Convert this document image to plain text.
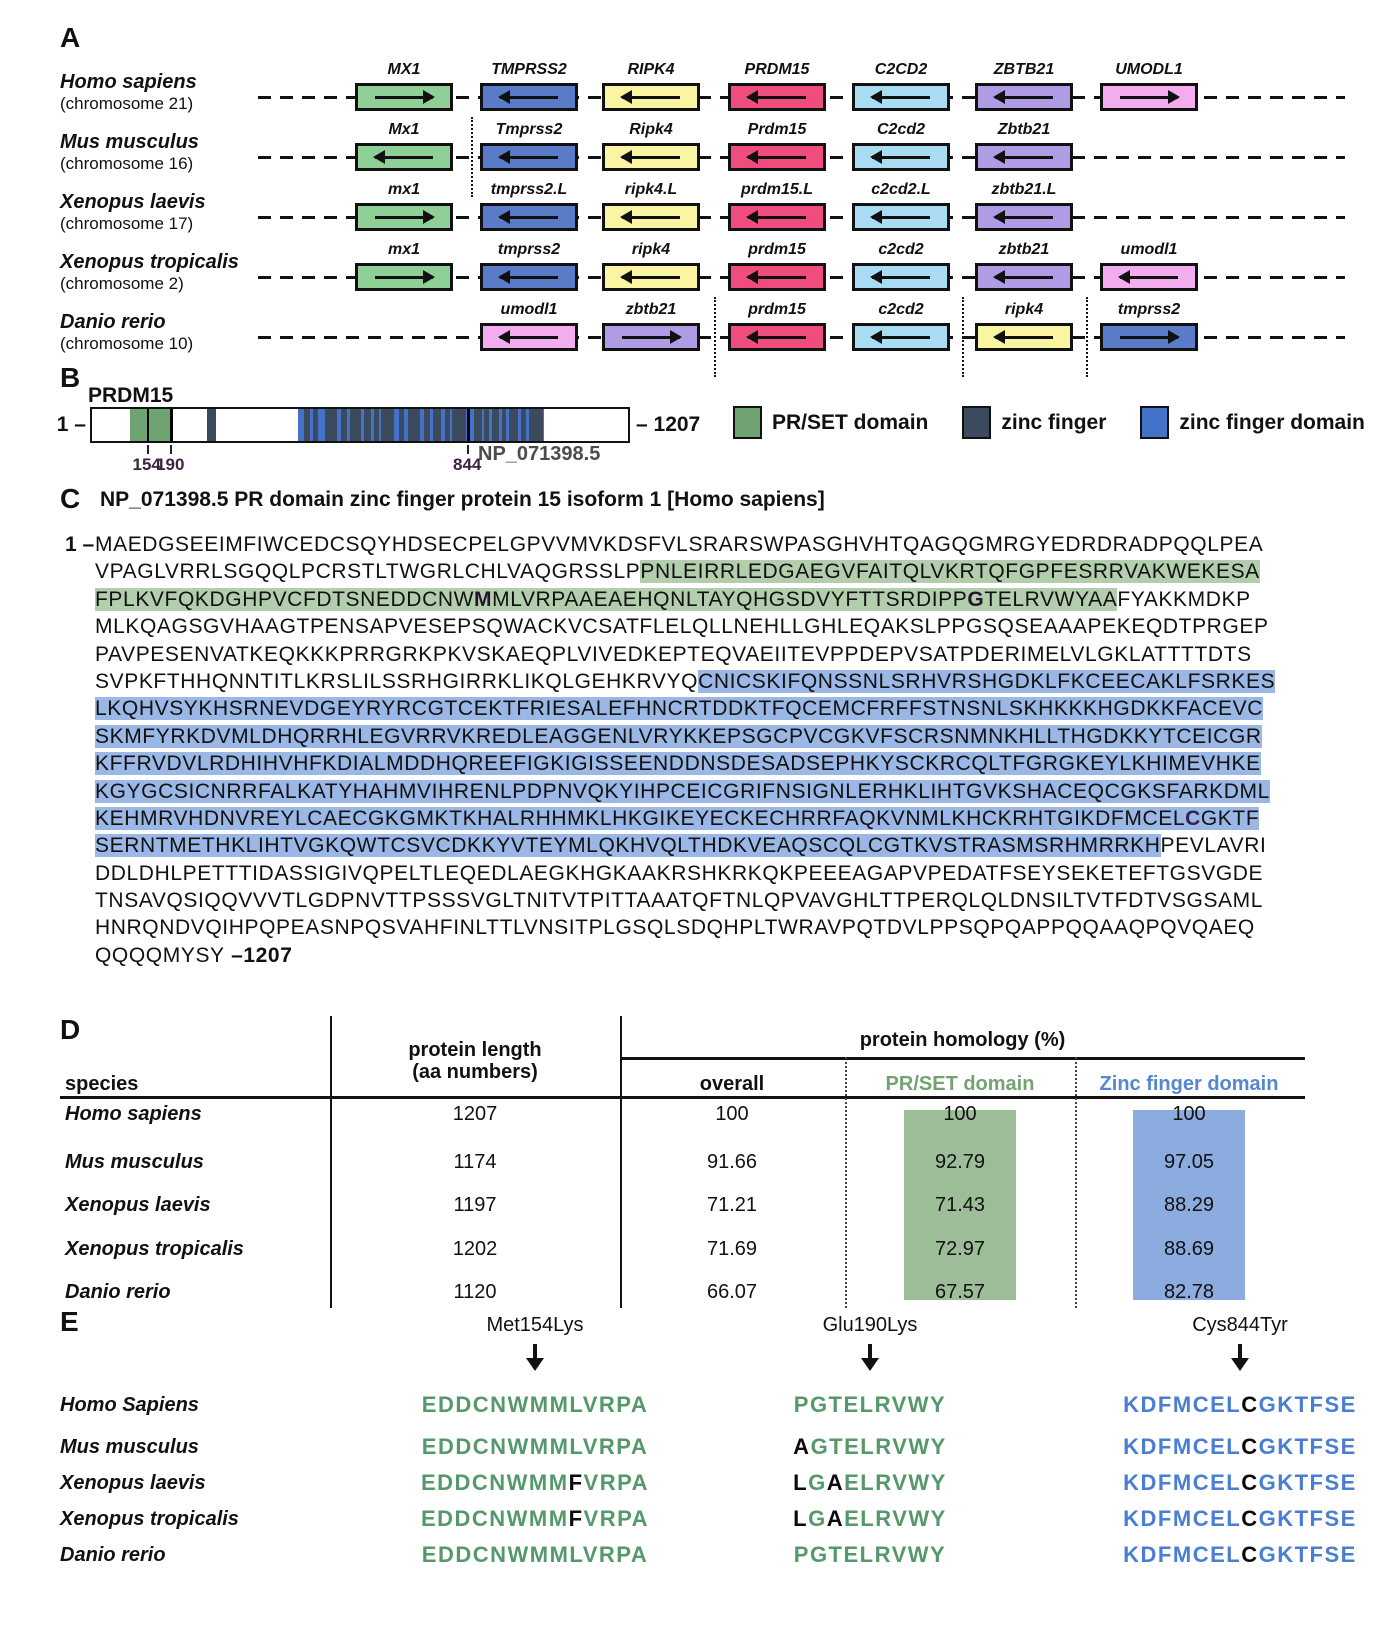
A
B
C
D
E
Homo sapiens
(chromosome 21)
MX1	TMPRSS2	RIPK4	PRDM15	C2CD2	ZBTB21	UMODL1
Mus musculus
(chromosome 16)
Mx1	Tmprss2	Ripk4	Prdm15	C2cd2	Zbtb21
Xenopus laevis
(chromosome 17)
mx1	tmprss2.L	ripk4.L	prdm15.L	c2cd2.L	zbtb21.L
Xenopus tropicalis
(chromosome 2)
mx1	tmprss2	ripk4	prdm15	c2cd2	zbtb21	umodl1
Danio rerio
(chromosome 10)
umodl1	zbtb21	prdm15	c2cd2	ripk4	tmprss2
PRDM15
1 –
154
190	844
– 1207
NP_071398.5
PR/SET domain	zinc finger	zinc finger domain
NP_071398.5 PR domain zinc finger protein 15 isoform 1 [Homo sapiens]
1 – MAEDGSEEIMFIWCEDCSQYHDSECPELGPVVMVKDSFVLSRARSWPASGHVHTQAGQGMRGYEDRDRADPQQLPEA
VPAGLVRRLSGQQLPCRSTLTWGRLCHLVAQGRSSLPPNLEIRRLEDGAEGVFAITQLVKRTQFGPFESRRVAKWEKESA
FPLKVFQKDGHPVCFDTSNEDDCNWMMLVRPAAEAEHQNLTAYQHGSDVYFTTSRDIPPGTELRVWYAAFYAKKMDKP
MLKQAGSGVHAAGTPENSAPVESEPSQWACKVCSATFLELQLLNEHLLGHLEQAKSLPPGSQSEAAAPEKEQDTPRGEP
PAVPESENVATKEQKKKPRRGRKPKVSKAEQPLVIVEDKEPTEQVAEIITEVPPDEPVSATPDERIMELVLGKLATTTTDTS
SVPKFTHHQNNTITLKRSLILSSRHGIRRKLIKQLGEHKRVYQCNICSKIFQNSSNLSRHVRSHGDKLFKCEECAKLFSRKES
LKQHVSYKHSRNEVDGEYRYRCGTCEKTFRIESALEFHNCRTDDKTFQCEMCFRFFSTNSNLSKHKKKHGDKKFACEVC
SKMFYRKDVMLDHQRRHLEGVRRVKREDLEAGGENLVRYKKEPSGCPVCGKVFSCRSNMNKHLLTHGDKKYTCEICGR
KFFRVDVLRDHIHVHFKDIALMDDHQREEFIGKIGISSEENDDNSDESADSEPHKYSCKRCQLTFGRGKEYLKHIMEVHKE
KGYGCSICNRRFALKATYHAHMVIHRENLPDPNVQKYIHPCEICGRIFNSIGNLERHKLIHTGVKSHACEQCGKSFARKDML
KEHMRVHDNVREYLCAECGKGMKTKHALRHHMKLHKGIKEYECKECHRRFAQKVNMLKHCKRHTGIKDFMCELCGKTF
SERNTMETHKLIHTVGKQWTCSVCDKKYVTEYMLQKHVQLTHDKVEAQSCQLCGTKVSTRASMSRHMRRKHPEVLAVRI
DDLDHLPETTTIDASSIGIVQPELTLEQEDLAEGKHGKAAKRSHKRKQKPEEEAGAPVPEDATFSEYSEKETEFTGSVGDE
TNSAVQSIQQVVVTLGDPNVTTPSSSVGLTNITVTPITTAAATQFTNLQPVAVGHLTTPERQLQLDNSILTVTFDTVSGSAML
HNRQNDVQIHPQPEASNPQSVAHFINLTTLVNSITPLGSQLSDQHPLTWRAVPQTDVLPPSQPQAPPQQAAQPQVQAEQ
QQQQMYSY –1207
protein homology (%)
species
protein length
(aa numbers)
overall	PR/SET domain	Zinc finger domain
Homo sapiens	1207	100	100	100
Mus musculus	1174	91.66	92.79	97.05
Xenopus laevis	1197	71.21	71.43	88.29
Xenopus tropicalis	1202	71.69	72.97	88.69
Danio rerio	1120	66.07	67.57	82.78
Met154Lys	Glu190Lys	Cys844Tyr
Homo Sapiens	EDDCNWMMLVRPA	PGTELRVWY	KDFMCELCGKTFSE
Mus musculus	EDDCNWMMLVRPA	AGTELRVWY	KDFMCELCGKTFSE
Xenopus laevis	EDDCNWMMFVRPA	LGAELRVWY	KDFMCELCGKTFSE
Xenopus tropicalis	EDDCNWMMFVRPA	LGAELRVWY	KDFMCELCGKTFSE
Danio rerio	EDDCNWMMLVRPA	PGTELRVWY	KDFMCELCGKTFSE
